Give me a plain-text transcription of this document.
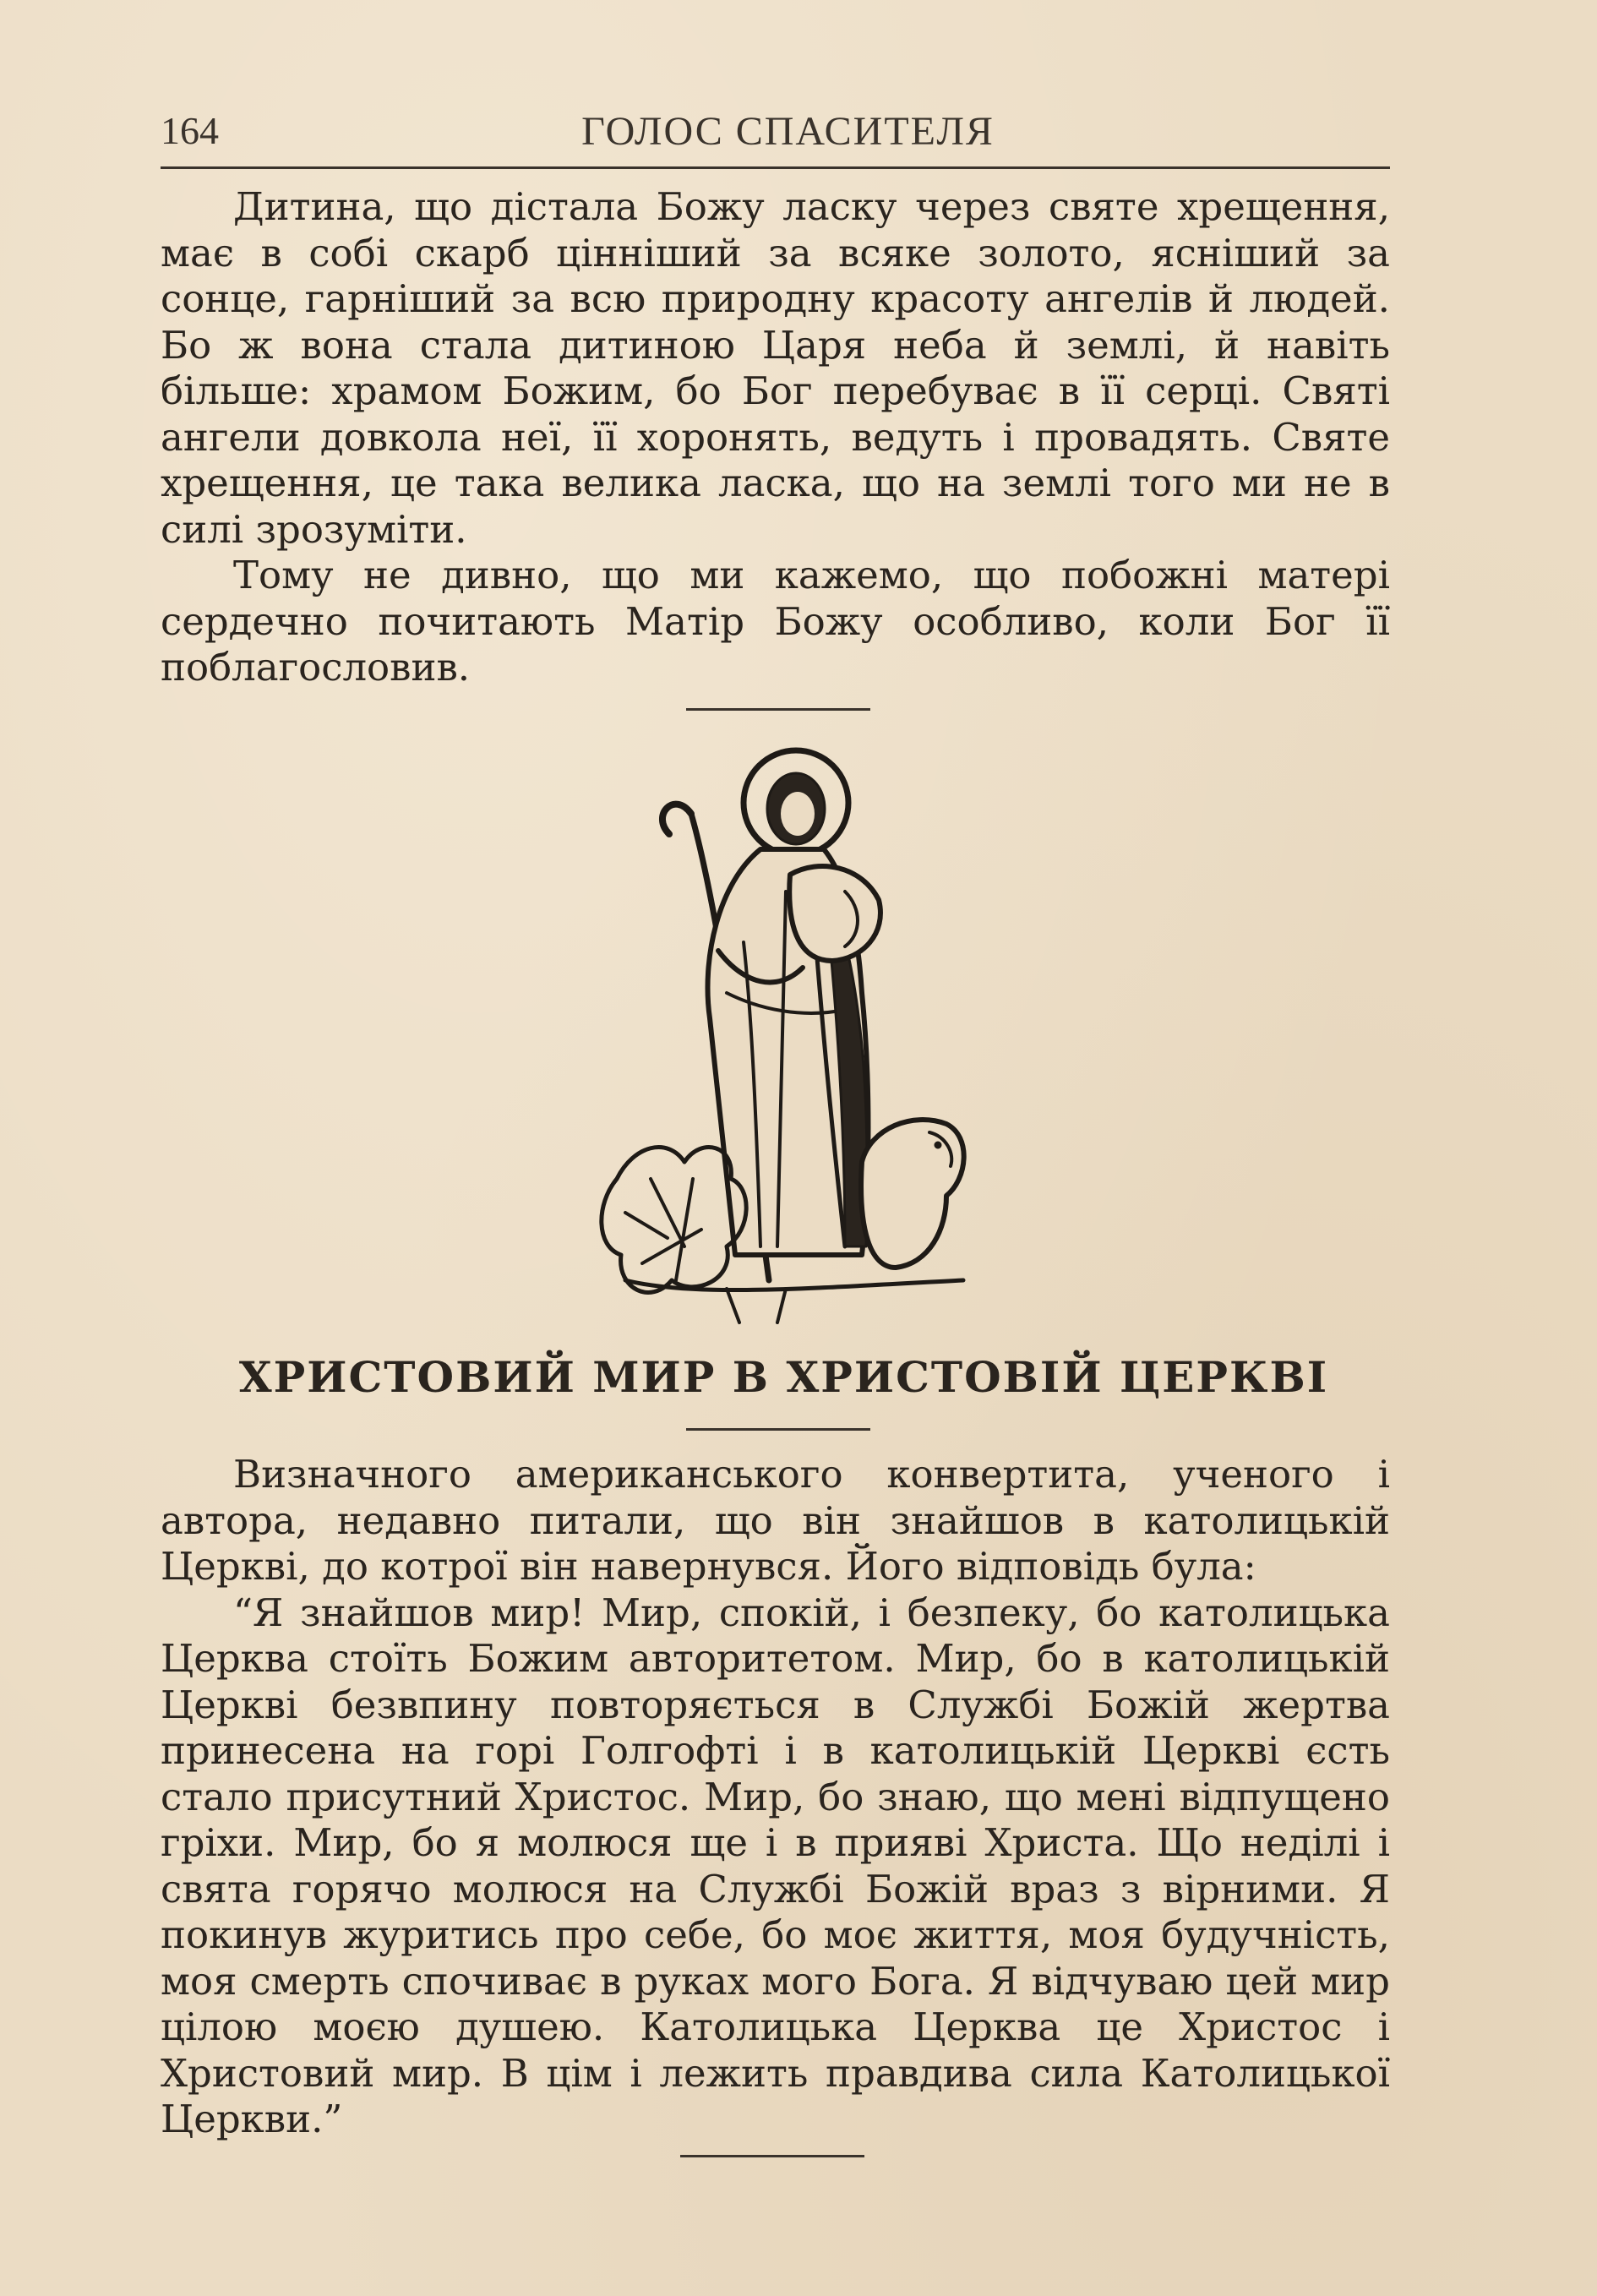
164	ГОЛОС СПАСИТЕЛЯ

Дитина, що дістала Божу ласку через святе хрещення, має в собі скарб цінніший за всяке золото, ясніший за сонце, гарніший за всю природну красоту ангелів й людей. Бо ж вона стала дитиною Царя неба й землі, й навіть більше: храмом Божим, бо Бог перебуває в її серці. Святі ангели довкола неї, її хоронять, ведуть і провадять. Святе хрещення, це така велика ласка, що на землі того ми не в силі зрозуміти.

Тому не дивно, що ми кажемо, що побожні матері сердечно почитають Матір Божу особливо, коли Бог її поблагословив.

ХРИСТОВИЙ МИР В ХРИСТОВІЙ ЦЕРКВІ

Визначного американського конвертита, ученого і автора, недавно питали, що він знайшов в католицькій Церкві, до котрої він навернувся. Його відповідь була:

“Я знайшов мир! Мир, спокій, і безпеку, бо католицька Церква стоїть Божим авторитетом. Мир, бо в католицькій Церкві безвпину повторяється в Службі Божій жертва принесена на горі Голгофті і в католицькій Церкві єсть стало присутний Христос. Мир, бо знаю, що мені відпущено гріхи. Мир, бо я молюся ще і в прияві Христа. Що неділі і свята горячо молюся на Службі Божій враз з вірними. Я покинув журитись про себе, бо моє життя, моя будучність, моя смерть спочиває в руках мого Бога. Я відчуваю цей мир цілою моєю душею. Католицька Церква це Христос і Христовий мир. В цім і лежить правдива сила Католицької Церкви.”
